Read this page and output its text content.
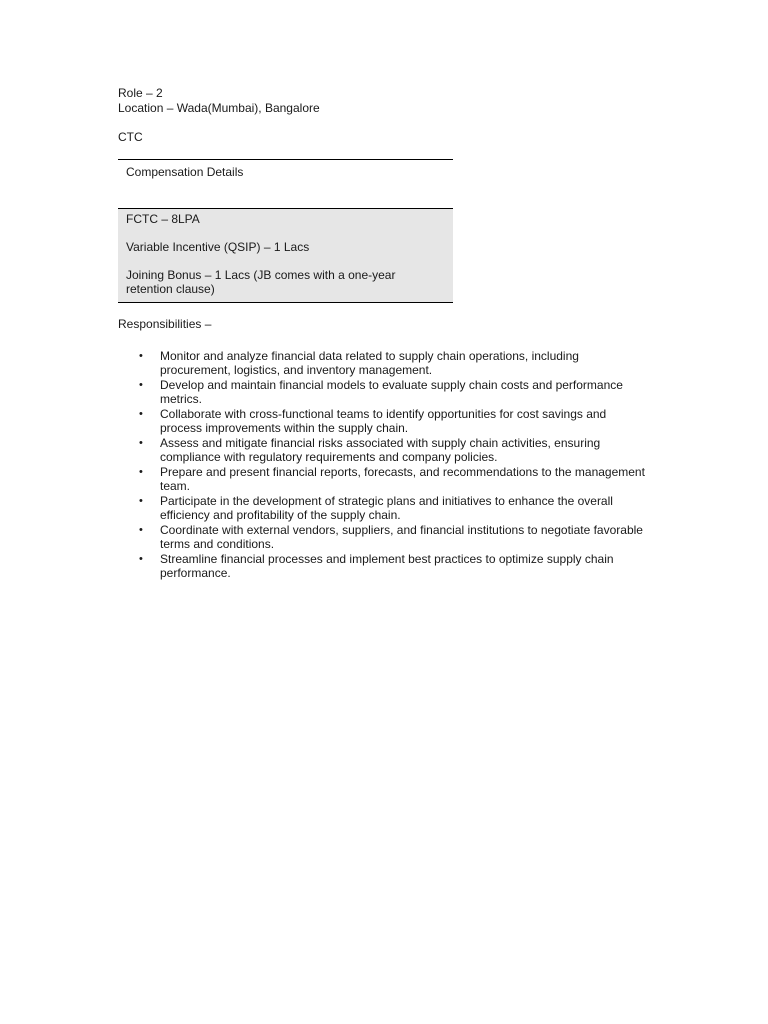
Role – 2

Location – Wada(Mumbai), Bangalore

CTC

Compensation Details

FCTC – 8LPA

Variable Incentive (QSIP) – 1 Lacs

Joining Bonus – 1 Lacs (JB comes with a one-year retention clause)

Responsibilities –

• Monitor and analyze financial data related to supply chain operations, including procurement, logistics, and inventory management.
• Develop and maintain financial models to evaluate supply chain costs and performance metrics.
• Collaborate with cross-functional teams to identify opportunities for cost savings and process improvements within the supply chain.
• Assess and mitigate financial risks associated with supply chain activities, ensuring compliance with regulatory requirements and company policies.
• Prepare and present financial reports, forecasts, and recommendations to the management team.
• Participate in the development of strategic plans and initiatives to enhance the overall efficiency and profitability of the supply chain.
• Coordinate with external vendors, suppliers, and financial institutions to negotiate favorable terms and conditions.
• Streamline financial processes and implement best practices to optimize supply chain performance.
